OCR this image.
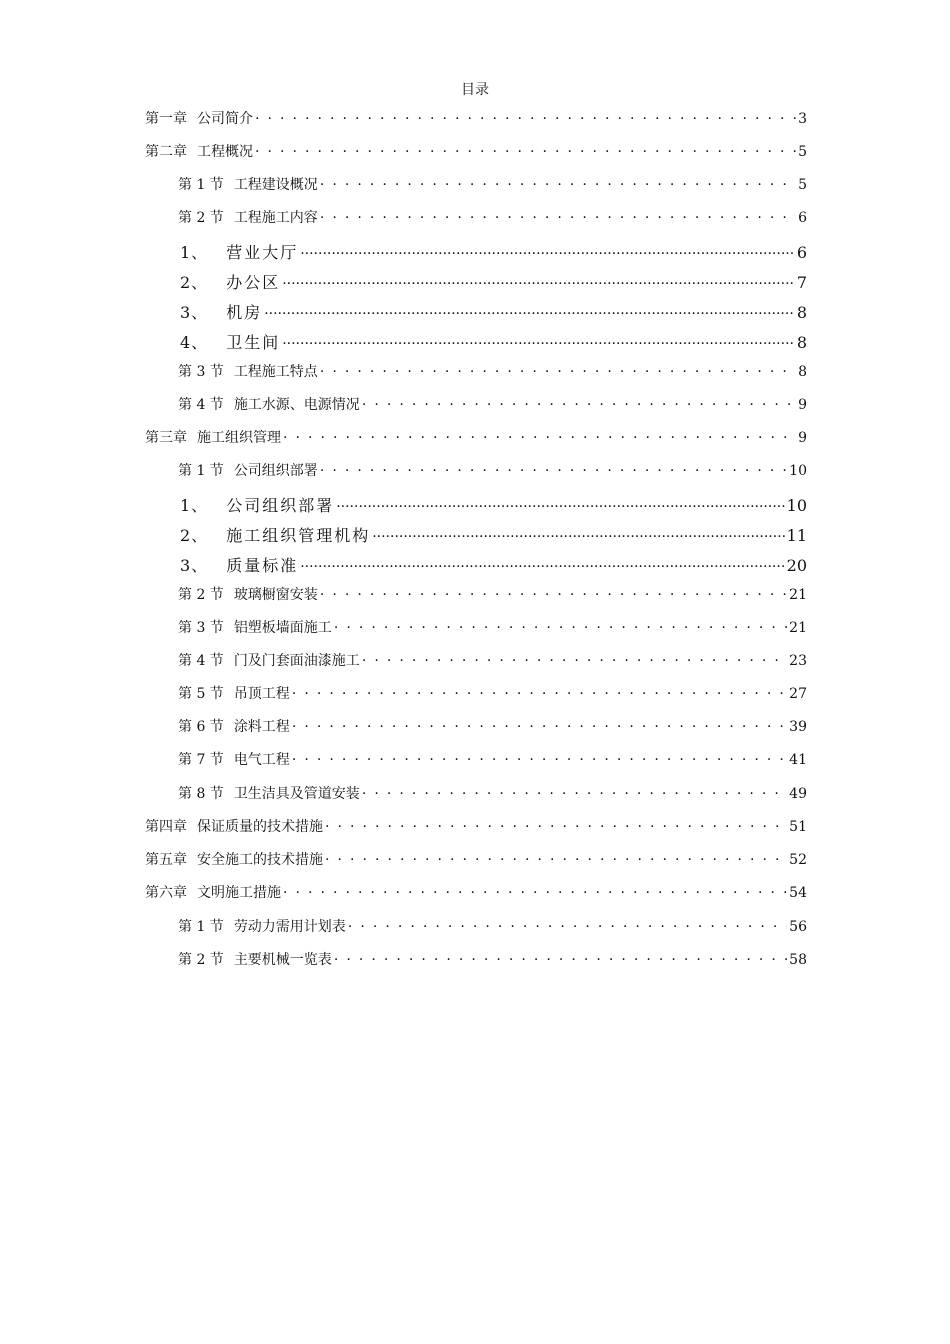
目录
第一章 公司简介 . . .	3
第二章 工程概况 . . .	5
第 1 节 工程建设概况 . . .	5
第 2 节 工程施工内容 . . .	6
1、 营业大厅 .....	6
2、 办公区 .....	7
3、 机房 .....	8
4、 卫生间 .....	8
第 3 节 工程施工特点 . . .	8
第 4 节 施工水源、电源情况 . . .	9
第三章 施工组织管理 . . .	9
第 1 节 公司组织部署 . . .	10
1、 公司组织部署 .....	10
2、 施工组织管理机构 .....	11
3、 质量标准 .....	20
第 2 节 玻璃橱窗安装 . . .	21
第 3 节 铝塑板墙面施工 . . .	21
第 4 节 门及门套面油漆施工 . . .	23
第 5 节 吊顶工程 . . .	27
第 6 节 涂料工程 . . .	39
第 7 节 电气工程 . . .	41
第 8 节 卫生洁具及管道安装 . . .	49
第四章 保证质量的技术措施 . . .	51
第五章 安全施工的技术措施 . . .	52
第六章 文明施工措施 . . .	54
第 1 节 劳动力需用计划表 . . .	56
第 2 节 主要机械一览表 . . .	58
